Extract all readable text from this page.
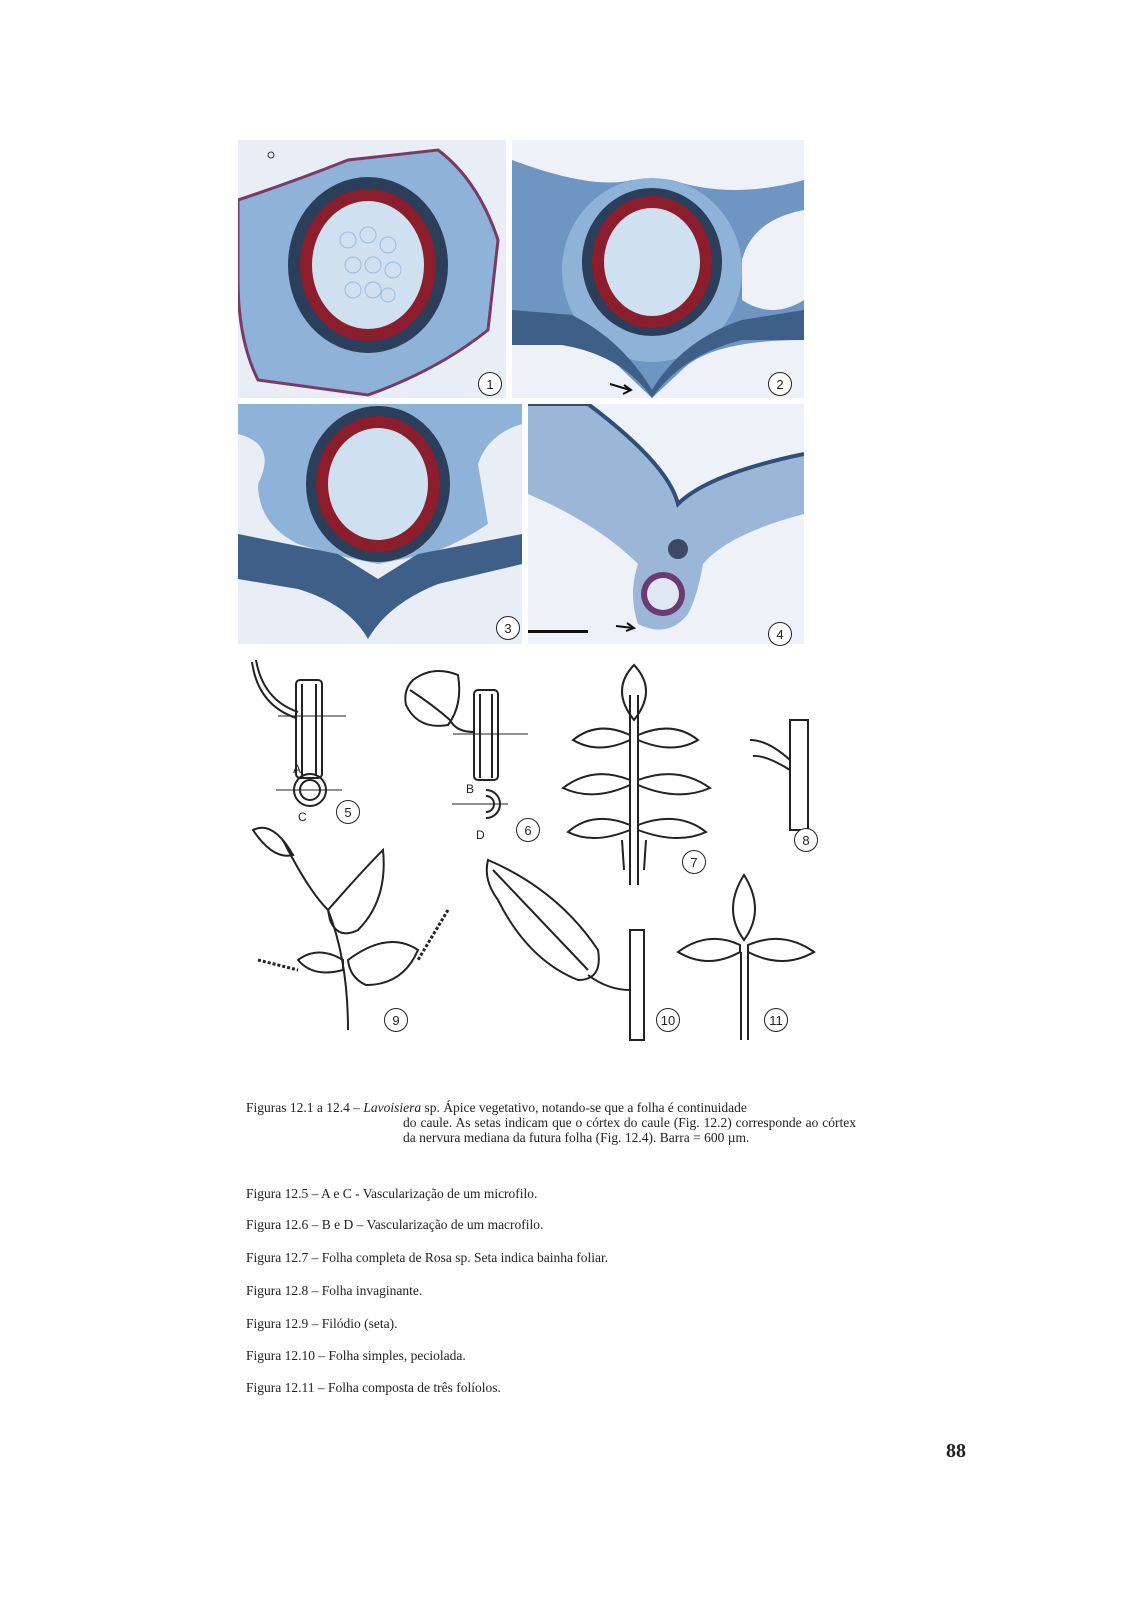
1	2
3	4
A
C
B
D
5
6
7
8
9	10	11
Figuras 12.1 a 12.4 – Lavoisiera sp. Ápice vegetativo, notando-se que a folha é continuidade
do caule. As setas indicam que o córtex do caule (Fig. 12.2) corresponde ao córtex da nervura mediana da futura folha (Fig. 12.4). Barra = 600 µm.
Figura 12.5 – A e C - Vascularização de um microfilo.
Figura 12.6 – B e D – Vascularização de um macrofilo.
Figura 12.7 – Folha completa de Rosa sp. Seta indica bainha foliar.
Figura 12.8 – Folha invaginante.
Figura 12.9 – Filódio (seta).
Figura 12.10 – Folha simples, peciolada.
Figura 12.11 – Folha composta de três folíolos.
88
